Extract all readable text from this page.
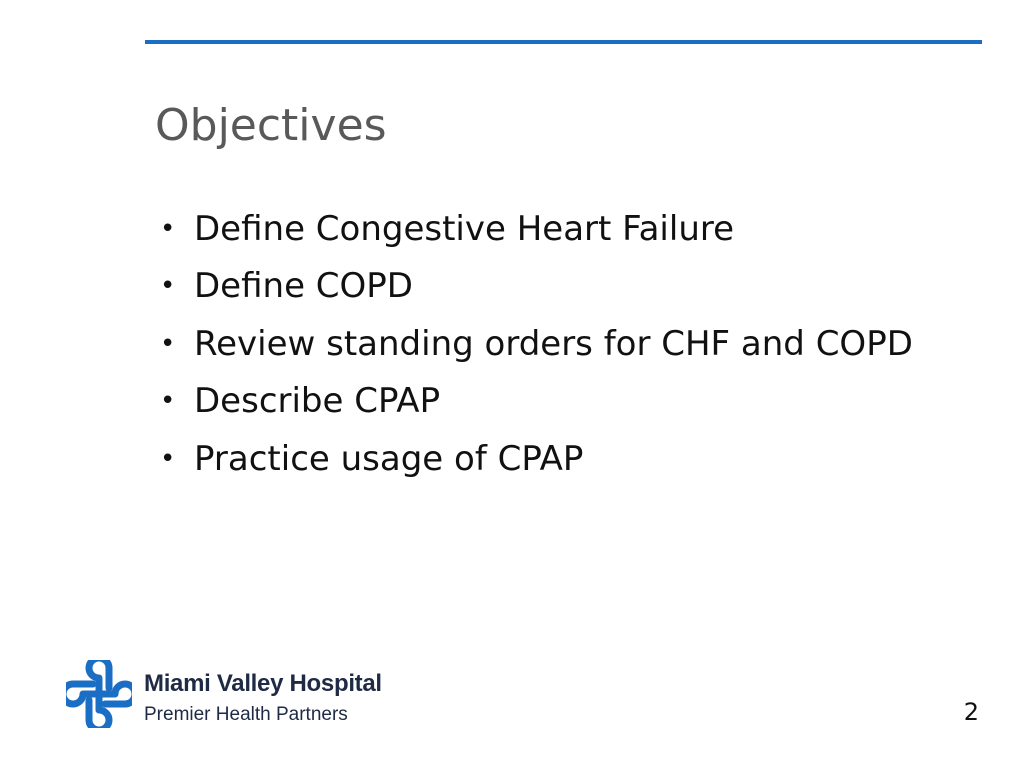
Objectives
• Define Congestive Heart Failure
• Define COPD
• Review standing orders for CHF and COPD
• Describe CPAP
• Practice usage of CPAP
Miami Valley Hospital
Premier Health Partners	2
